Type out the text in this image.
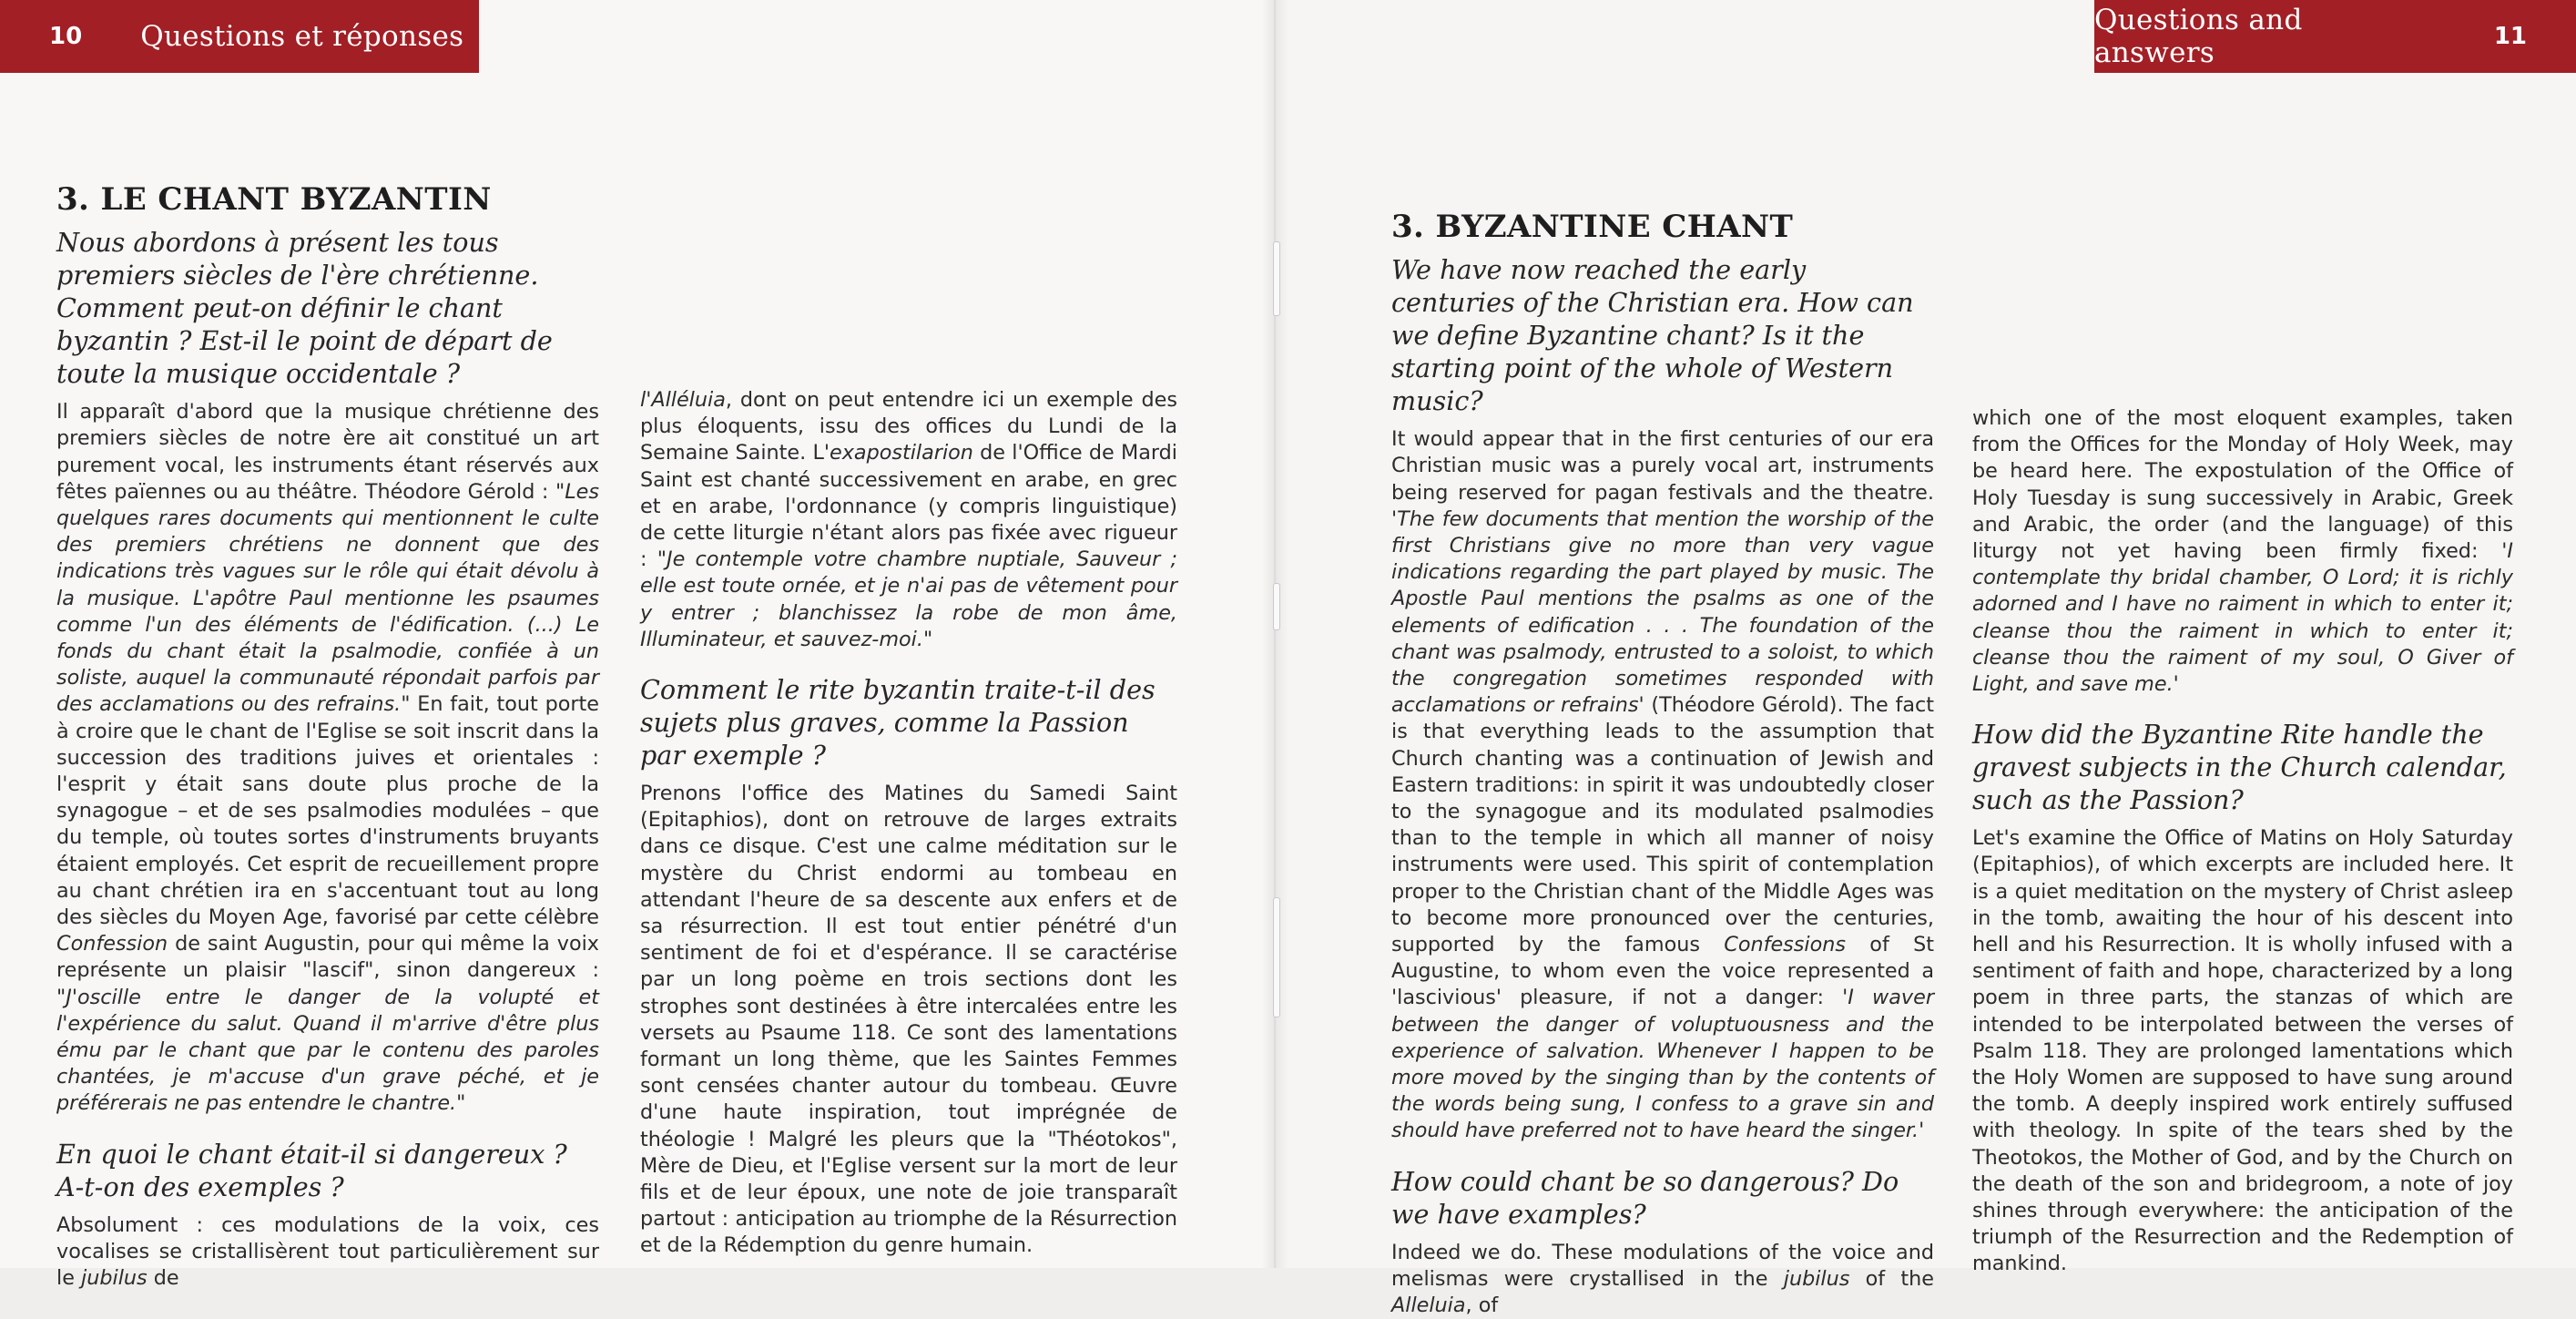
10 Questions et réponses
3. LE CHANT BYZANTIN
Nous abordons à présent les tous premiers siècles de l'ère chrétienne. Comment peut-on définir le chant byzantin ? Est-il le point de départ de toute la musique occidentale ?

Il apparaît d'abord que la musique chrétienne des premiers siècles de notre ère ait constitué un art purement vocal, les instruments étant réservés aux fêtes païennes ou au théâtre. Théodore Gérold : "Les quelques rares documents qui mentionnent le culte des premiers chrétiens ne donnent que des indications très vagues sur le rôle qui était dévolu à la musique. L'apôtre Paul mentionne les psaumes comme l'un des éléments de l'édification. (...) Le fonds du chant était la psalmodie, confiée à un soliste, auquel la communauté répondait parfois par des acclamations ou des refrains." En fait, tout porte à croire que le chant de l'Eglise se soit inscrit dans la succession des traditions juives et orientales : l'esprit y était sans doute plus proche de la synagogue – et de ses psalmodies modulées – que du temple, où toutes sortes d'instruments bruyants étaient employés. Cet esprit de recueillement propre au chant chrétien ira en s'accentuant tout au long des siècles du Moyen Age, favorisé par cette célèbre Confession de saint Augustin, pour qui même la voix représente un plaisir "lascif", sinon dangereux : "J'oscille entre le danger de la volupté et l'expérience du salut. Quand il m'arrive d'être plus ému par le chant que par le contenu des paroles chantées, je m'accuse d'un grave péché, et je préférerais ne pas entendre le chantre."

En quoi le chant était-il si dangereux ? A-t-on des exemples ?

Absolument : ces modulations de la voix, ces vocalises se cristallisèrent tout particulièrement sur le jubilus de

l'Alléluia, dont on peut entendre ici un exemple des plus éloquents, issu des offices du Lundi de la Semaine Sainte. L'exapostilarion de l'Office de Mardi Saint est chanté successivement en arabe, en grec et en arabe, l'ordonnance (y compris linguistique) de cette liturgie n'étant alors pas fixée avec rigueur : "Je contemple votre chambre nuptiale, Sauveur ; elle est toute ornée, et je n'ai pas de vêtement pour y entrer ; blanchissez la robe de mon âme, Illuminateur, et sauvez-moi."

Comment le rite byzantin traite-t-il des sujets plus graves, comme la Passion par exemple ?

Prenons l'office des Matines du Samedi Saint (Epitaphios), dont on retrouve de larges extraits dans ce disque. C'est une calme méditation sur le mystère du Christ endormi au tombeau en attendant l'heure de sa descente aux enfers et de sa résurrection. Il est tout entier pénétré d'un sentiment de foi et d'espérance. Il se caractérise par un long poème en trois sections dont les strophes sont destinées à être intercalées entre les versets au Psaume 118. Ce sont des lamentations formant un long thème, que les Saintes Femmes sont censées chanter autour du tombeau. Œuvre d'une haute inspiration, tout imprégnée de théologie ! Malgré les pleurs que la "Théotokos", Mère de Dieu, et l'Eglise versent sur la mort de leur fils et de leur époux, une note de joie transparaît partout : anticipation au triomphe de la Résurrection et de la Rédemption du genre humain.

Questions and answers	11
3. BYZANTINE CHANT
We have now reached the early centuries of the Christian era. How can we define Byzantine chant? Is it the starting point of the whole of Western music?

It would appear that in the first centuries of our era Christian music was a purely vocal art, instruments being reserved for pagan festivals and the theatre. 'The few documents that mention the worship of the first Christians give no more than very vague indications regarding the part played by music. The Apostle Paul mentions the psalms as one of the elements of edification . . . The foundation of the chant was psalmody, entrusted to a soloist, to which the congregation sometimes responded with acclamations or refrains' (Théodore Gérold). The fact is that everything leads to the assumption that Church chanting was a continuation of Jewish and Eastern traditions: in spirit it was undoubtedly closer to the synagogue and its modulated psalmodies than to the temple in which all manner of noisy instruments were used. This spirit of contemplation proper to the Christian chant of the Middle Ages was to become more pronounced over the centuries, supported by the famous Confessions of St Augustine, to whom even the voice represented a 'lascivious' pleasure, if not a danger: 'I waver between the danger of voluptuousness and the experience of salvation. Whenever I happen to be more moved by the singing than by the contents of the words being sung, I confess to a grave sin and should have preferred not to have heard the singer.'

How could chant be so dangerous? Do we have examples?

Indeed we do. These modulations of the voice and melismas were crystallised in the jubilus of the Alleluia, of

which one of the most eloquent examples, taken from the Offices for the Monday of Holy Week, may be heard here. The expostulation of the Office of Holy Tuesday is sung successively in Arabic, Greek and Arabic, the order (and the language) of this liturgy not yet having been firmly fixed: 'I contemplate thy bridal chamber, O Lord; it is richly adorned and I have no raiment in which to enter it; cleanse thou the raiment in which to enter it; cleanse thou the raiment of my soul, O Giver of Light, and save me.'

How did the Byzantine Rite handle the gravest subjects in the Church calendar, such as the Passion?

Let's examine the Office of Matins on Holy Saturday (Epitaphios), of which excerpts are included here. It is a quiet meditation on the mystery of Christ asleep in the tomb, awaiting the hour of his descent into hell and his Resurrection. It is wholly infused with a sentiment of faith and hope, characterized by a long poem in three parts, the stanzas of which are intended to be interpolated between the verses of Psalm 118. They are prolonged lamentations which the Holy Women are supposed to have sung around the tomb. A deeply inspired work entirely suffused with theology. In spite of the tears shed by the Theotokos, the Mother of God, and by the Church on the death of the son and bridegroom, a note of joy shines through everywhere: the anticipation of the triumph of the Resurrection and the Redemption of mankind.
